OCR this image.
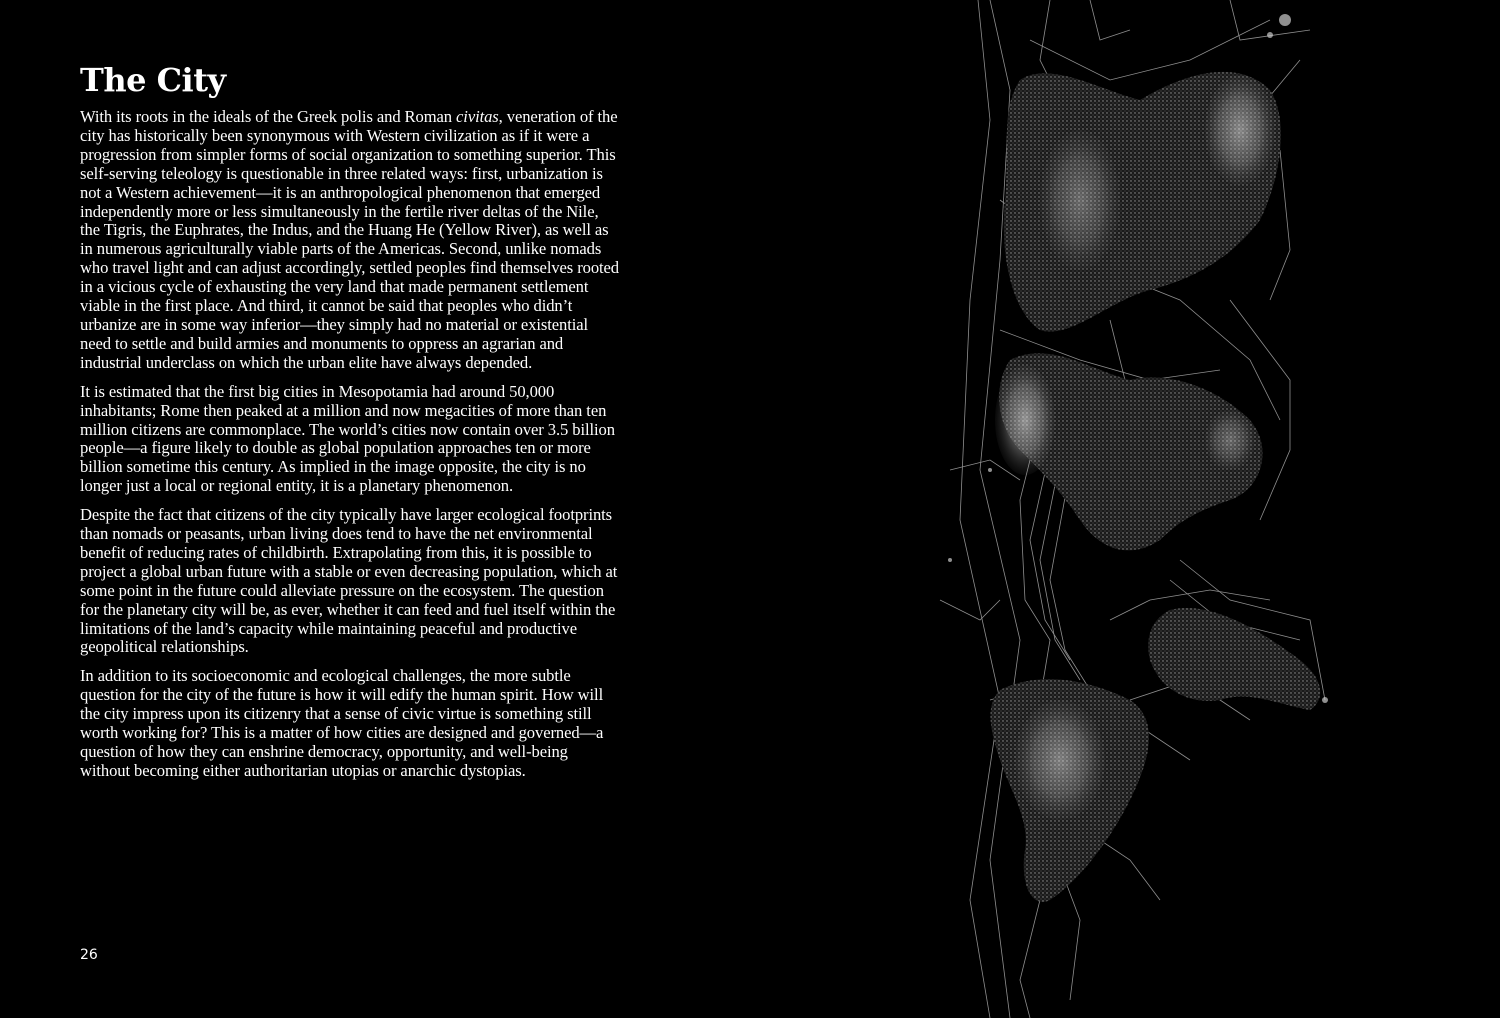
The City

With its roots in the ideals of the Greek polis and Roman civitas, veneration of the city has historically been synonymous with Western civilization as if it were a progression from simpler forms of social organization to something superior. This self-serving teleology is questionable in three related ways: first, urbanization is not a Western achievement—it is an anthropological phenomenon that emerged independently more or less simultaneously in the fertile river deltas of the Nile, the Tigris, the Euphrates, the Indus, and the Huang He (Yellow River), as well as in numerous agriculturally viable parts of the Americas. Second, unlike nomads who travel light and can adjust accordingly, settled peoples find themselves rooted in a vicious cycle of exhausting the very land that made permanent settlement viable in the first place. And third, it cannot be said that peoples who didn’t urbanize are in some way inferior—they simply had no material or existential need to settle and build armies and monuments to oppress an agrarian and industrial underclass on which the urban elite have always depended.

It is estimated that the first big cities in Mesopotamia had around 50,000 inhabitants; Rome then peaked at a million and now megacities of more than ten million citizens are commonplace. The world’s cities now contain over 3.5 billion people—a figure likely to double as global population approaches ten or more billion sometime this century. As implied in the image opposite, the city is no longer just a local or regional entity, it is a planetary phenomenon.

Despite the fact that citizens of the city typically have larger ecological footprints than nomads or peasants, urban living does tend to have the net environmental benefit of reducing rates of childbirth. Extrapolating from this, it is possible to project a global urban future with a stable or even decreasing population, which at some point in the future could alleviate pressure on the ecosystem. The question for the planetary city will be, as ever, whether it can feed and fuel itself within the limitations of the land’s capacity while maintaining peaceful and productive geopolitical relationships.

In addition to its socioeconomic and ecological challenges, the more subtle question for the city of the future is how it will edify the human spirit. How will the city impress upon its citizenry that a sense of civic virtue is something still worth working for? This is a matter of how cities are designed and governed—a question of how they can enshrine democracy, opportunity, and well-being without becoming either authoritarian utopias or anarchic dystopias.

26
